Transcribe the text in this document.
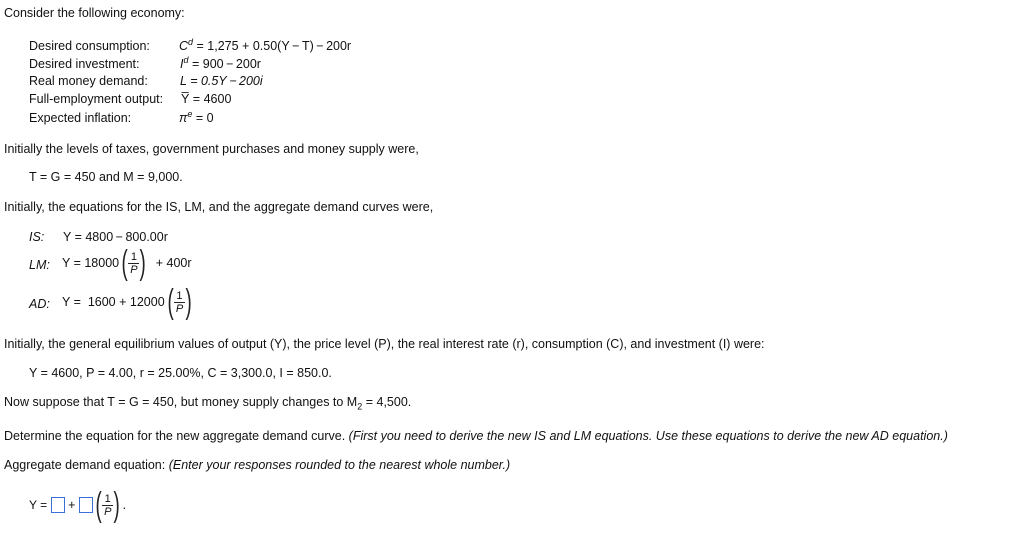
Consider the following economy:
Desired consumption:
Desired investment:
Real money demand:
Full-employment output:
Expected inflation:
$C^d = 1,275 + 0.50(Y - T) - 200r$
$I^d = 900 - 200r$
L = 0.5Y − 200i
Y̅ = 4600
$\pi^e = 0$
Initially the levels of taxes, government purchases and money supply were,
T = G = 450 and M = 9,000.
Initially, the equations for the IS, LM, and the aggregate demand curves were,
IS: Y = 4800 − 800.00r
LM: Y = 18000 ( $\frac{1}{P}$ ) + 400r
AD: Y =  1600 + 12000 ( $\frac{1}{P}$ )
Initially, the general equilibrium values of output (Y), the price level (P), the real interest rate (r), consumption (C), and investment (I) were:
Y = 4600, P = 4.00, r = 25.00%, C = 3,300.0, I = 850.0.
Now suppose that T = G = 450, but money supply changes to $M_2 = 4,500$.
Determine the equation for the new aggregate demand curve. (First you need to derive the new IS and LM equations. Use these equations to derive the new AD equation.)
Aggregate demand equation: (Enter your responses rounded to the nearest whole number.)
Y = + ( $\frac{1}{P}$ ) .
